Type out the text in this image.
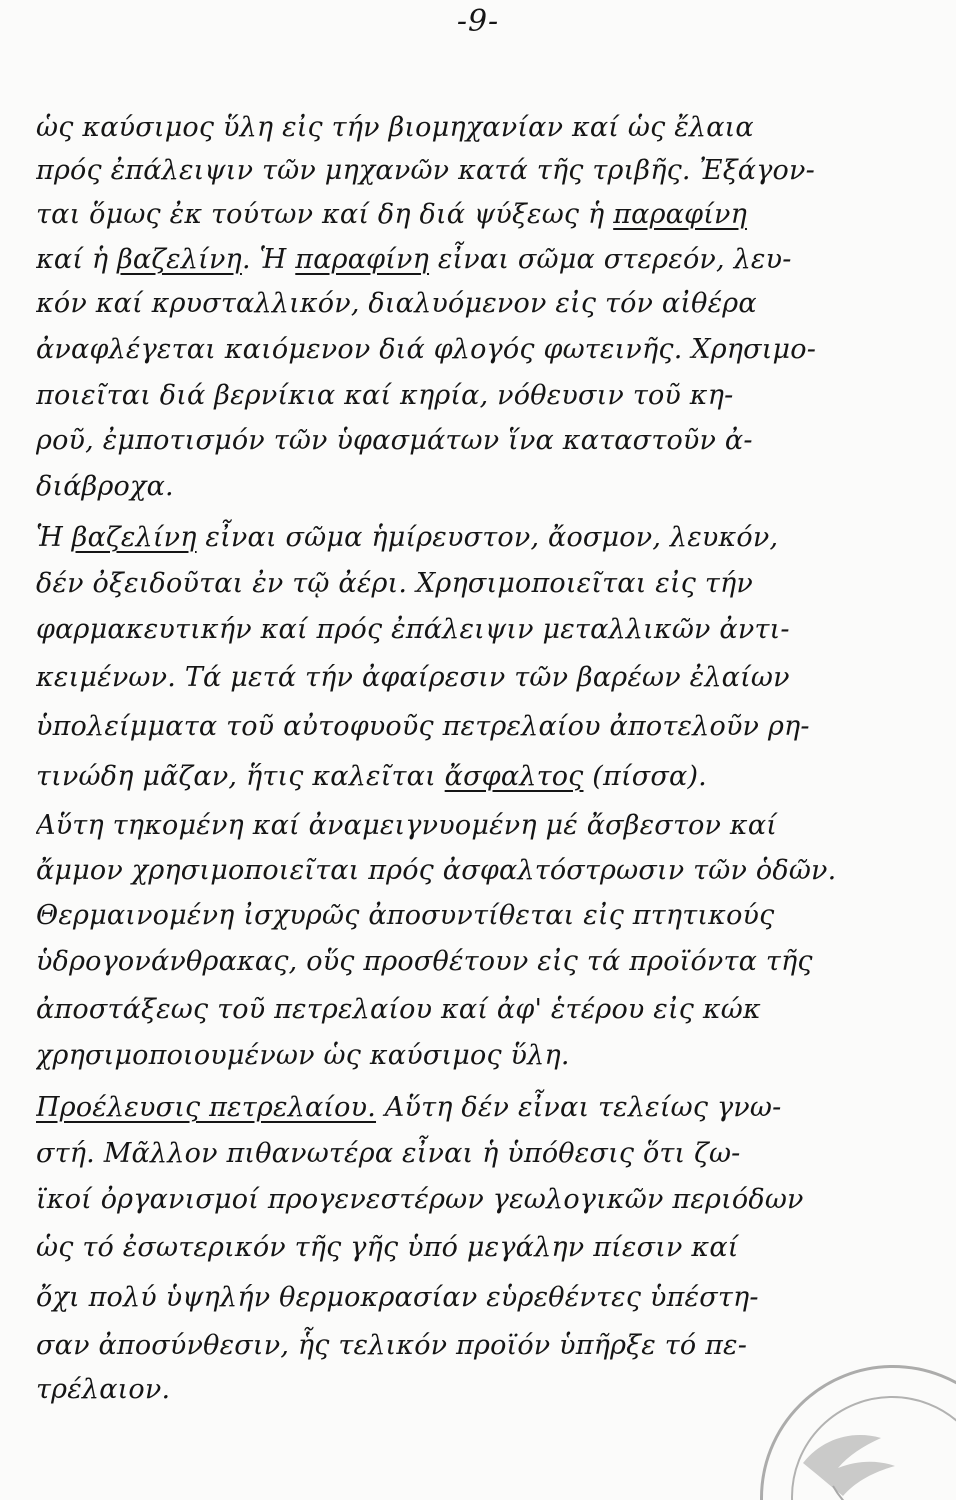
-9-
ὡς καύσιμος ὕλη εἰς τήν βιομηχανίαν καί ὡς ἔλαια
πρός ἐπάλειψιν τῶν μηχανῶν κατά τῆς τριβῆς. Ἐξάγον-
ται ὅμως ἐκ τούτων καί δη διά ψύξεως ἡ παραφίνη
καί ἡ βαζελίνη. Ἡ παραφίνη εἶναι σῶμα στερεόν, λευ-
κόν καί κρυσταλλικόν, διαλυόμενον εἰς τόν αἰθέρα
ἀναφλέγεται καιόμενον διά φλογός φωτεινῆς. Χρησιμο-
ποιεῖται διά βερνίκια καί κηρία, νόθευσιν τοῦ κη-
ροῦ, ἐμποτισμόν τῶν ὑφασμάτων ἵνα καταστοῦν ἀ-
διάβροχα.
Ἡ βαζελίνη εἶναι σῶμα ἡμίρευστον, ἄοσμον, λευκόν,
δέν ὀξειδοῦται ἐν τῷ ἀέρι. Χρησιμοποιεῖται εἰς τήν
φαρμακευτικήν καί πρός ἐπάλειψιν μεταλλικῶν ἀντι-
κειμένων. Τά μετά τήν ἀφαίρεσιν τῶν βαρέων ἐλαίων
ὑπολείμματα τοῦ αὐτοφυοῦς πετρελαίου ἀποτελοῦν ρη-
τινώδη μᾶζαν, ἥτις καλεῖται ἄσφαλτος (πίσσα).
Αὕτη τηκομένη καί ἀναμειγνυομένη μέ ἄσβεστον καί
ἄμμον χρησιμοποιεῖται πρός ἀσφαλτόστρωσιν τῶν ὁδῶν.
Θερμαινομένη ἰσχυρῶς ἀποσυντίθεται εἰς πτητικούς
ὑδρογονάνθρακας, οὕς προσθέτουν εἰς τά προϊόντα τῆς
ἀποστάξεως τοῦ πετρελαίου καί ἀφ' ἑτέρου εἰς κώκ
χρησιμοποιουμένων ὡς καύσιμος ὕλη.
Προέλευσις πετρελαίου. Αὕτη δέν εἶναι τελείως γνω-
στή. Μᾶλλον πιθανωτέρα εἶναι ἡ ὑπόθεσις ὅτι ζω-
ϊκοί ὀργανισμοί προγενεστέρων γεωλογικῶν περιόδων
ὡς τό ἐσωτερικόν τῆς γῆς ὑπό μεγάλην πίεσιν καί
ὄχι πολύ ὑψηλήν θερμοκρασίαν εὑρεθέντες ὑπέστη-
σαν ἀποσύνθεσιν, ἧς τελικόν προϊόν ὑπῆρξε τό πε-
τρέλαιον.
